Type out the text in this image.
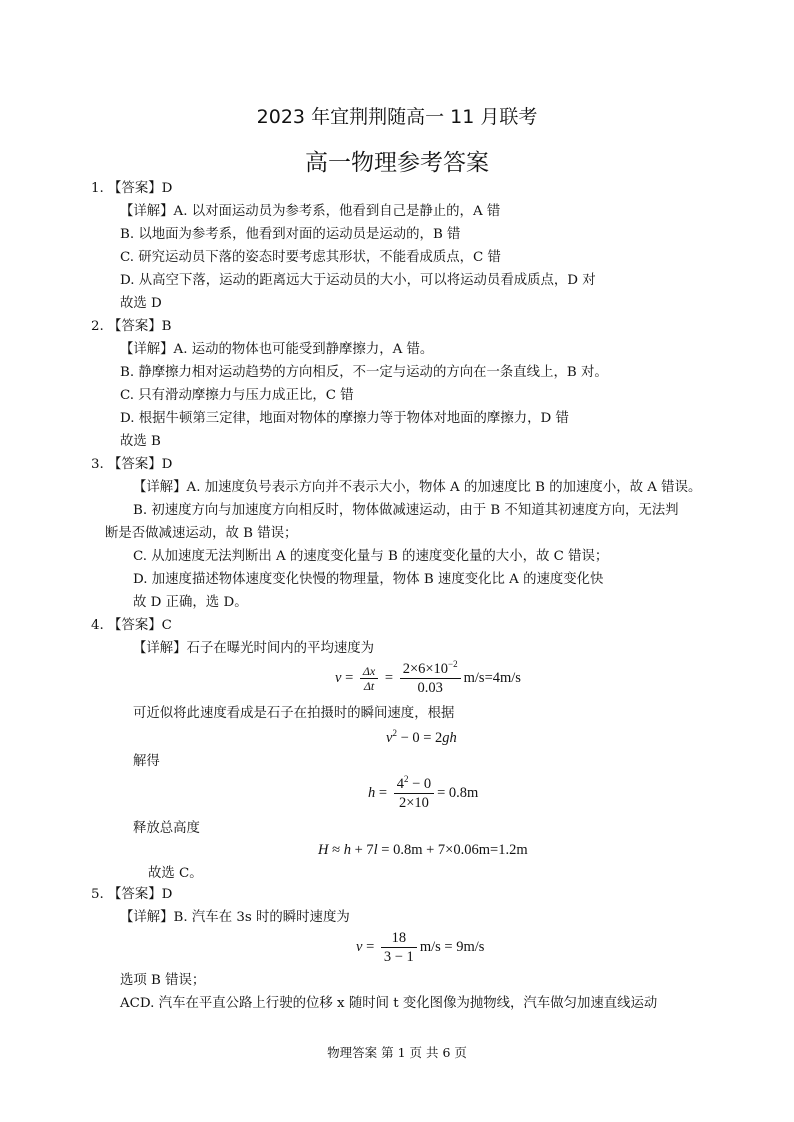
2023 年宜荆荆随高一 11 月联考
高一物理参考答案
1. 【答案】D
【详解】A. 以对面运动员为参考系，他看到自己是静止的，A 错
B. 以地面为参考系，他看到对面的运动员是运动的，B 错
C. 研究运动员下落的姿态时要考虑其形状，不能看成质点，C 错
D. 从高空下落，运动的距离远大于运动员的大小，可以将运动员看成质点，D 对
故选 D
2. 【答案】B
【详解】A. 运动的物体也可能受到静摩擦力，A 错。
B. 静摩擦力相对运动趋势的方向相反，不一定与运动的方向在一条直线上，B 对。
C. 只有滑动摩擦力与压力成正比，C 错
D. 根据牛顿第三定律，地面对物体的摩擦力等于物体对地面的摩擦力，D 错
故选 B
3. 【答案】D
【详解】A. 加速度负号表示方向并不表示大小，物体 A 的加速度比 B 的加速度小，故 A 错误。
B. 初速度方向与加速度方向相反时，物体做减速运动，由于 B 不知道其初速度方向，无法判
断是否做减速运动，故 B 错误；
C. 从加速度无法判断出 A 的速度变化量与 B 的速度变化量的大小，故 C 错误；
D. 加速度描述物体速度变化快慢的物理量，物体 B 速度变化比 A 的速度变化快
故 D 正确，选 D。
4. 【答案】C
【详解】石子在曝光时间内的平均速度为
$v = \frac{\Delta x}{\Delta t} = \frac{2\times 6\times 10^{-2}}{0.03} m/s=4m/s$
可近似将此速度看成是石子在拍摄时的瞬间速度，根据
$v^2 - 0 = 2gh$
解得
$h = \frac{4^2 - 0}{2\times 10} = 0.8m$
释放总高度
H ≈ h + 7l = 0.8m + 7×0.06m=1.2m
故选 C。
5. 【答案】D
【详解】B. 汽车在 3s 时的瞬时速度为
$v = \frac{18}{3 - 1} m/s = 9m/s$
选项 B 错误；
ACD. 汽车在平直公路上行驶的位移 x 随时间 t 变化图像为抛物线，汽车做匀加速直线运动
物理答案 第 1 页 共 6 页
